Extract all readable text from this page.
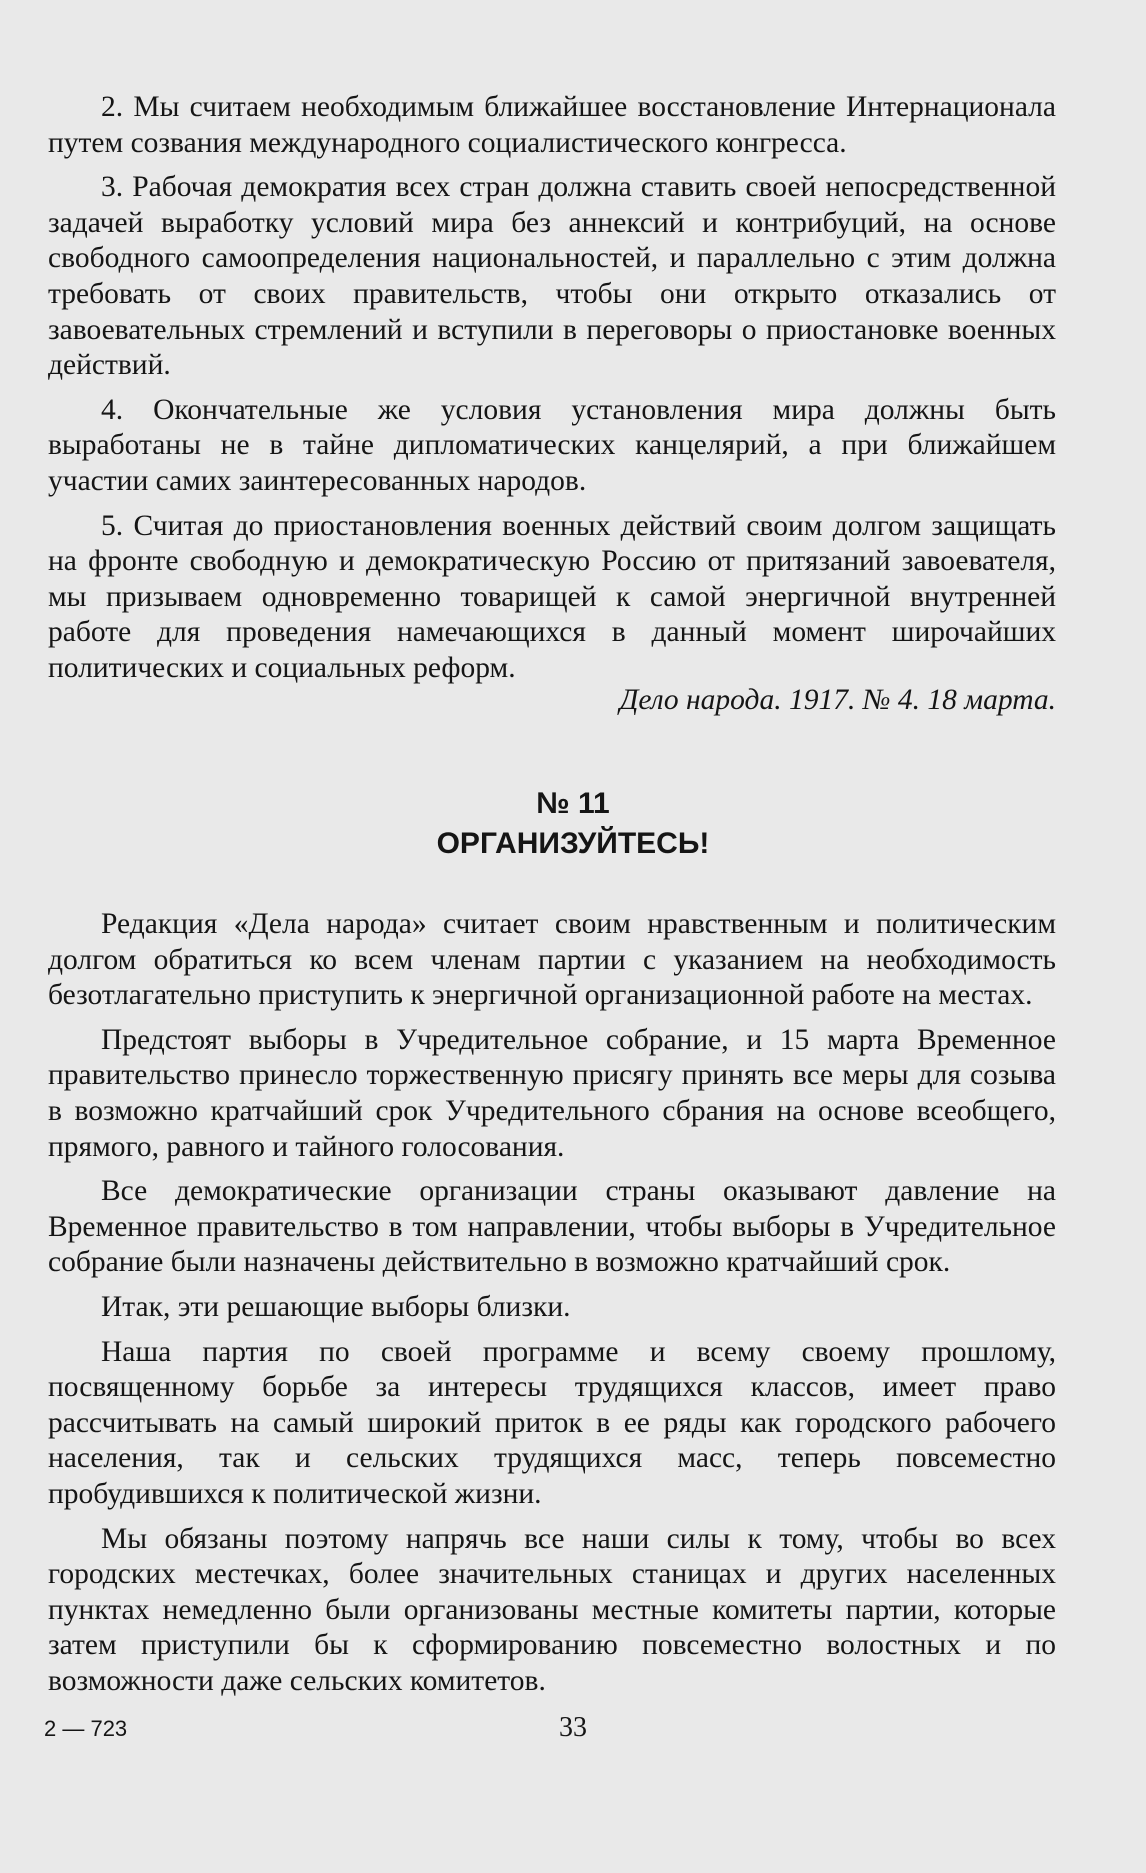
2. Мы считаем необходимым ближайшее восстановление Интернационала путем созвания международного социалистического конгресса.

3. Рабочая демократия всех стран должна ставить своей непосредственной задачей выработку условий мира без аннексий и контрибуций, на основе свободного самоопределения национальностей, и параллельно с этим должна требовать от своих правительств, чтобы они открыто отказались от завоевательных стремлений и вступили в переговоры о приостановке военных действий.

4. Окончательные же условия установления мира должны быть выработаны не в тайне дипломатических канцелярий, а при ближайшем участии самих заинтересованных народов.

5. Считая до приостановления военных действий своим долгом защищать на фронте свободную и демократическую Россию от притязаний завоевателя, мы призываем одновременно товарищей к самой энергичной внутренней работе для проведения намечающихся в данный момент широчайших политических и социальных реформ.

Дело народа. 1917. № 4. 18 марта.
№ 11
ОРГАНИЗУЙТЕСЬ!

Редакция «Дела народа» считает своим нравственным и политическим долгом обратиться ко всем членам партии с указанием на необходимость безотлагательно приступить к энергичной организационной работе на местах.

Предстоят выборы в Учредительное собрание, и 15 марта Временное правительство принесло торжественную присягу принять все меры для созыва в возможно кратчайший срок Учредительного сбрания на основе всеобщего, прямого, равного и тайного голосования.

Все демократические организации страны оказывают давление на Временное правительство в том направлении, чтобы выборы в Учредительное собрание были назначены действительно в возможно кратчайший срок.

Итак, эти решающие выборы близки.

Наша партия по своей программе и всему своему прошлому, посвященному борьбе за интересы трудящихся классов, имеет право рассчитывать на самый широкий приток в ее ряды как городского рабочего населения, так и сельских трудящихся масс, теперь повсеместно пробудившихся к политической жизни.

Мы обязаны поэтому напрячь все наши силы к тому, чтобы во всех городских местечках, более значительных станицах и других населенных пунктах немедленно были организованы местные комитеты партии, которые затем приступили бы к сформированию повсеместно волостных и по возможности даже сельских комитетов.

2 — 723	33
